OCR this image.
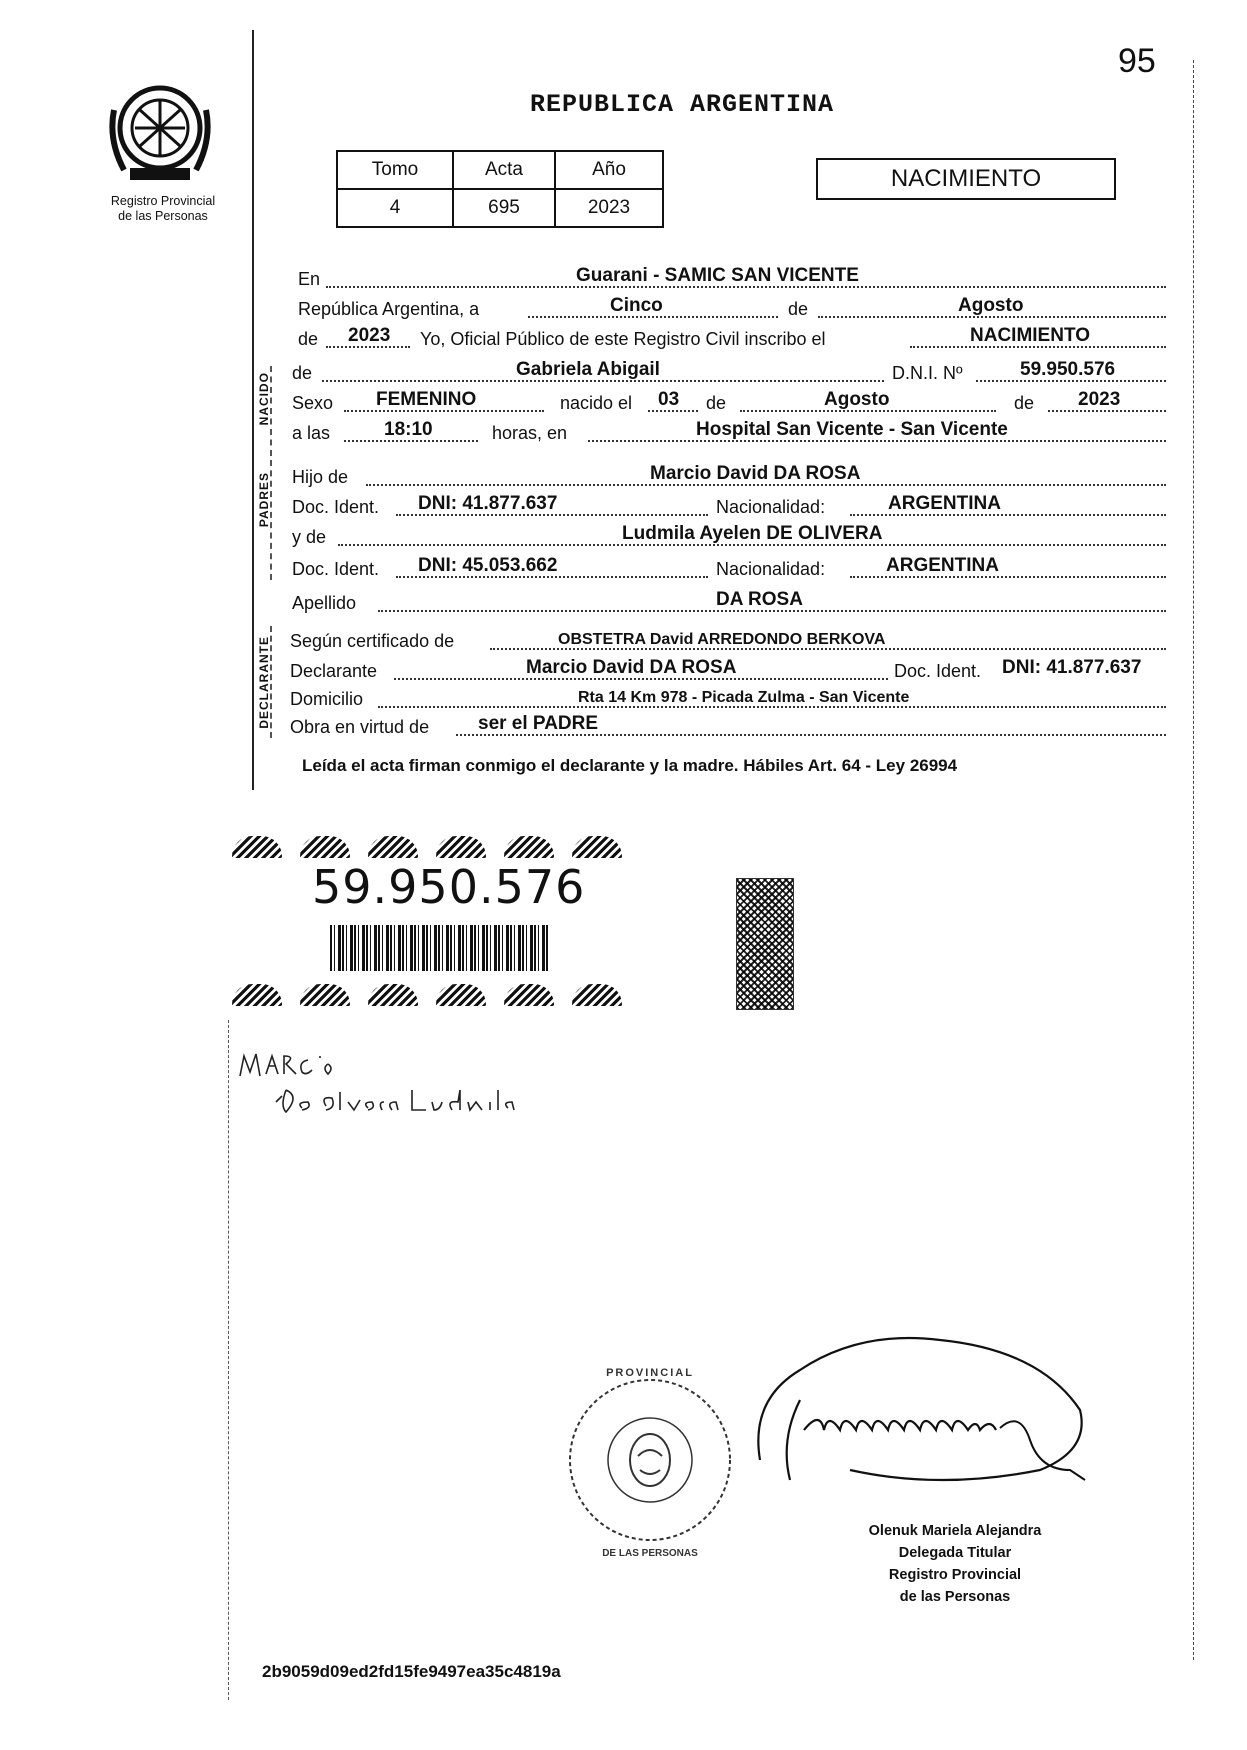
95
REPUBLICA ARGENTINA
Registro Provincial
de las Personas
Tomo	Acta	Año
4	695	2023
NACIMIENTO
En	Guarani - SAMIC SAN VICENTE
República Argentina, a	Cinco	de	Agosto
de 2023 Yo, Oficial Público de este Registro Civil inscribo el	NACIMIENTO
NACIDO de	Gabriela Abigail	D.N.I. Nº	59.950.576
Sexo FEMENINO	nacido el 03 de	Agosto	de 2023
a las	18:10	horas, en	Hospital San Vicente - San Vicente
PADRES Hijo de	Marcio David DA ROSA
Doc. Ident. DNI: 41.877.637	Nacionalidad:	ARGENTINA
y de	Ludmila Ayelen DE OLIVERA
Doc. Ident. DNI: 45.053.662	Nacionalidad:	ARGENTINA
Apellido	DA ROSA
DECLARANTE Según certificado de	OBSTETRA David ARREDONDO BERKOVA
Declarante	Marcio David DA ROSA	Doc. Ident. DNI: 41.877.637
Domicilio	Rta 14 Km 978 - Picada Zulma - San Vicente
Obra en virtud de	ser el PADRE
Leída el acta firman conmigo el declarante y la madre. Hábiles Art. 64 - Ley 26994
59.950.576
PROVINCIAL
DE LAS PERSONAS
Olenuk Mariela Alejandra
Delegada Titular
Registro Provincial
de las Personas
2b9059d09ed2fd15fe9497ea35c4819a
